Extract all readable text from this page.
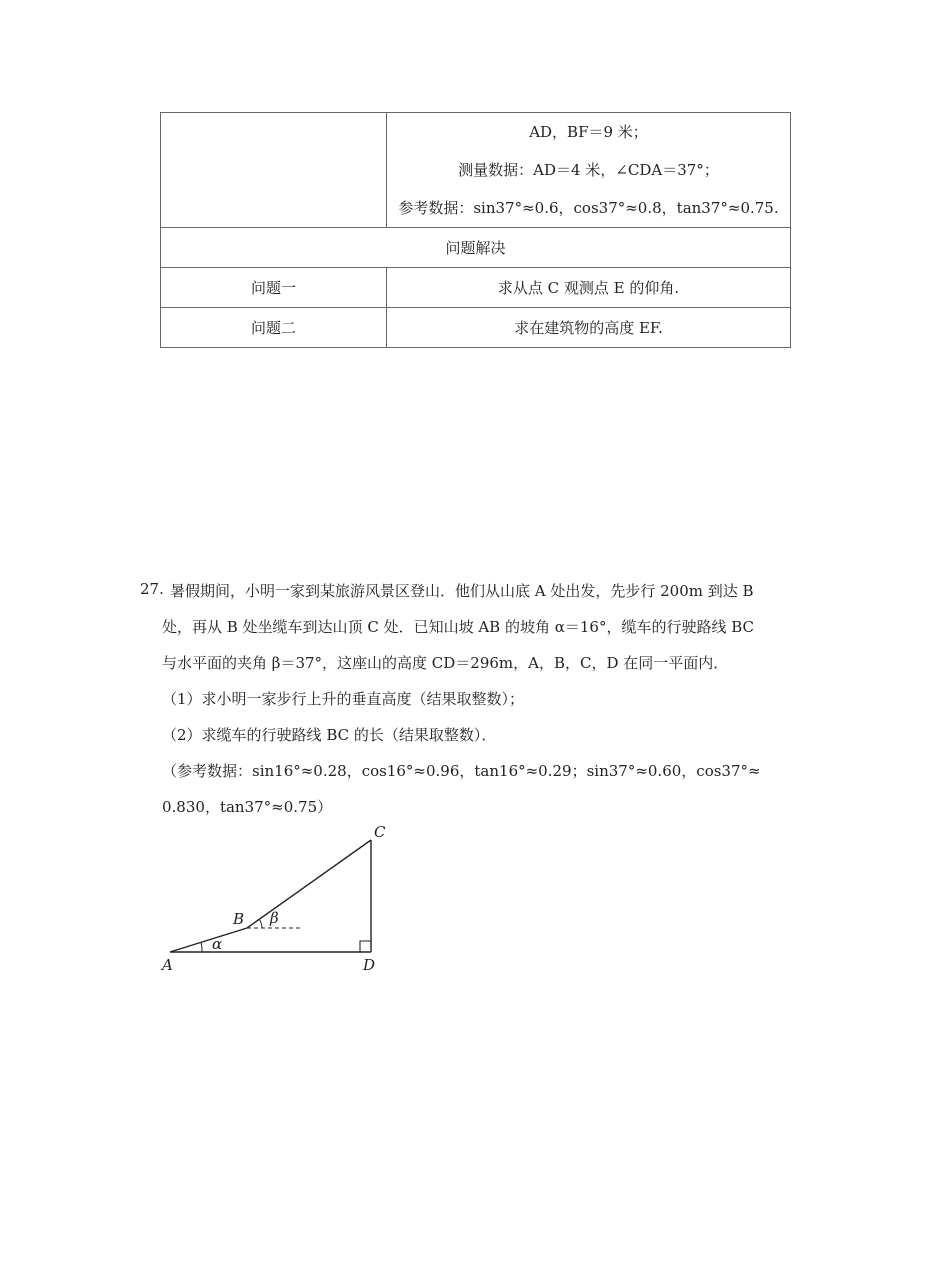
	AD，BF＝9 米；
测量数据：AD＝4 米，∠CDA＝37°；
参考数据：sin37°≈0.6，cos37°≈0.8，tan37°≈0.75.

问题解决	
问题一	求从点 C 观测点 E 的仰角.
问题二	求在建筑物的高度 EF.
27. 暑假期间，小明一家到某旅游风景区登山．他们从山底 A 处出发，先步行 200m 到达 B
处，再从 B 处坐缆车到达山顶 C 处．已知山坡 AB 的坡角 α＝16°，缆车的行驶路线 BC
与水平面的夹角 β＝37°，这座山的高度 CD＝296m，A，B，C，D 在同一平面内．
（1）求小明一家步行上升的垂直高度（结果取整数）；
（2）求缆车的行驶路线 BC 的长（结果取整数）．
（参考数据：sin16°≈0.28，cos16°≈0.96，tan16°≈0.29；sin37°≈0.60，cos37°≈
0.830，tan37°≈0.75）
A
B
C
D
α
β
